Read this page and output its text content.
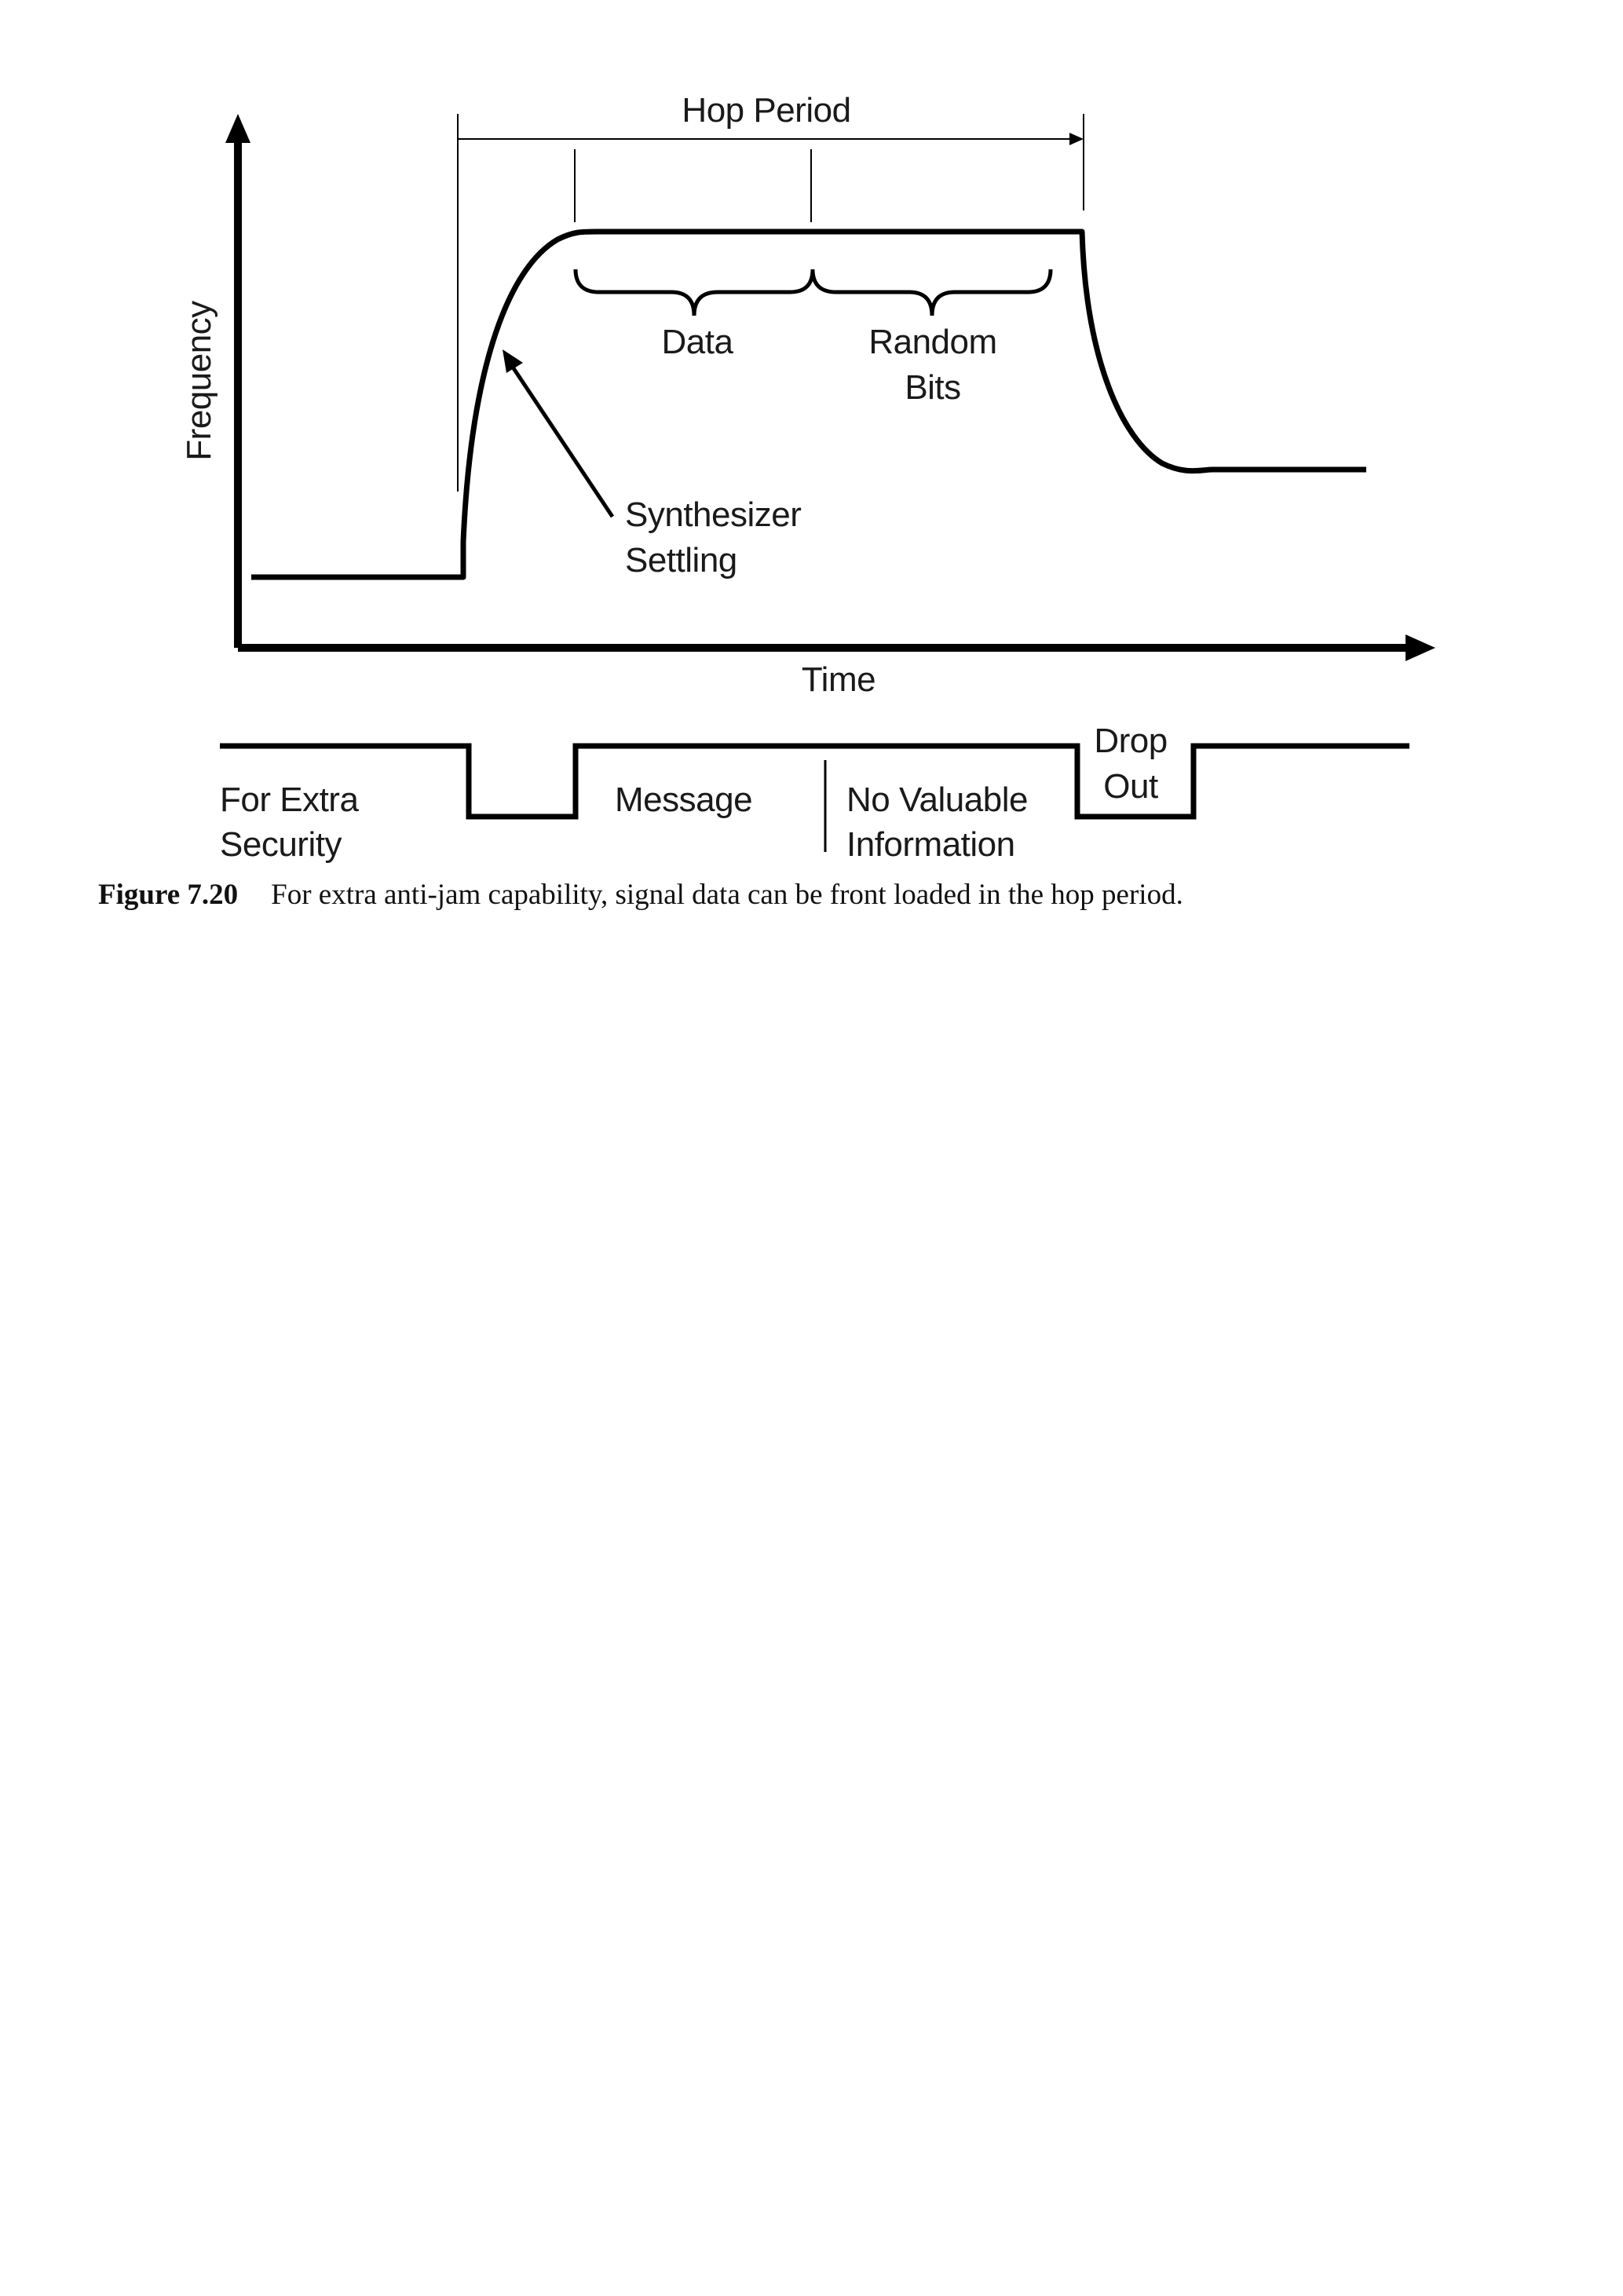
Frequency
Time
Hop Period
Data	Random
Bits
Synthesizer
Settling
For Extra
Security
Message	No Valuable
Information
Drop
Out
Figure 7.20 For extra anti-jam capability, signal data can be front loaded in the hop period.
